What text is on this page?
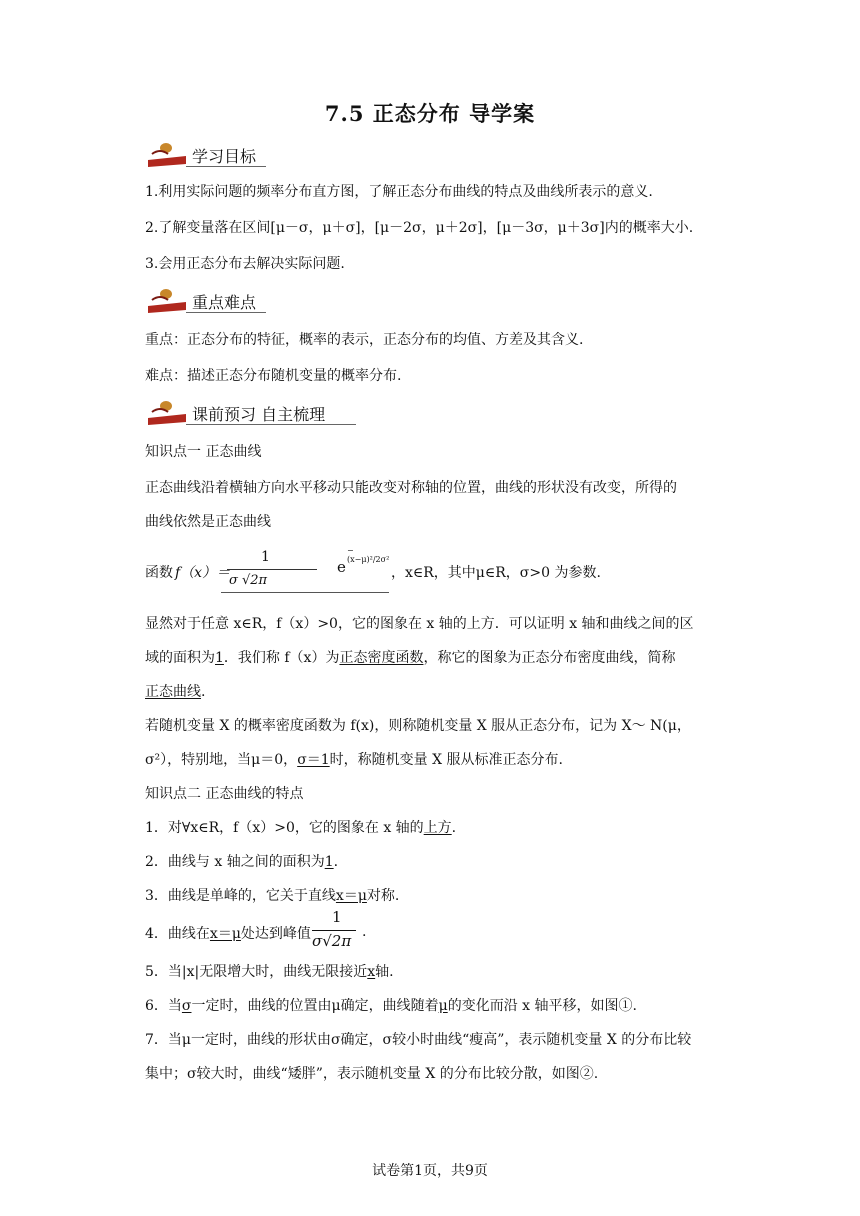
7.5 正态分布 导学案
学习目标
1.利用实际问题的频率分布直方图，了解正态分布曲线的特点及曲线所表示的意义.
2.了解变量落在区间[μ－σ，μ＋σ]，[μ－2σ，μ＋2σ]，[μ－3σ，μ＋3σ]内的概率大小.
3.会用正态分布去解决实际问题.
重点难点
重点：正态分布的特征，概率的表示，正态分布的均值、方差及其含义.
难点：描述正态分布随机变量的概率分布.
课前预习 自主梳理
知识点一 正态曲线
正态曲线沿着横轴方向水平移动只能改变对称轴的位置，曲线的形状没有改变，所得的
曲线依然是正态曲线
函数 f（x）＝
1
σ √2π
e
−(x−μ)²/2σ²
，x∈R，其中μ∈R，σ>0 为参数.
显然对于任意 x∈R，f（x）>0，它的图象在 x 轴的上方．可以证明 x 轴和曲线之间的区
域的面积为1．我们称 f（x）为正态密度函数，称它的图象为正态分布密度曲线，简称
正态曲线.
若随机变量 X 的概率密度函数为 f(x)，则称随机变量 X 服从正态分布，记为 X～ N(μ，
σ²），特别地，当μ＝0，σ＝1时，称随机变量 X 服从标准正态分布.
知识点二 正态曲线的特点
1．对∀x∈R，f（x）>0，它的图象在 x 轴的上方.
2．曲线与 x 轴之间的面积为1.
3．曲线是单峰的，它关于直线x＝μ对称.
4．曲线在x＝μ处达到峰值
1
σ√2π .
5．当|x|无限增大时，曲线无限接近x轴.
6．当σ一定时，曲线的位置由μ确定，曲线随着μ的变化而沿 x 轴平移，如图①.
7．当μ一定时，曲线的形状由σ确定，σ较小时曲线“瘦高”，表示随机变量 X 的分布比较
集中；σ较大时，曲线“矮胖”，表示随机变量 X 的分布比较分散，如图②.
试卷第1页，共9页
